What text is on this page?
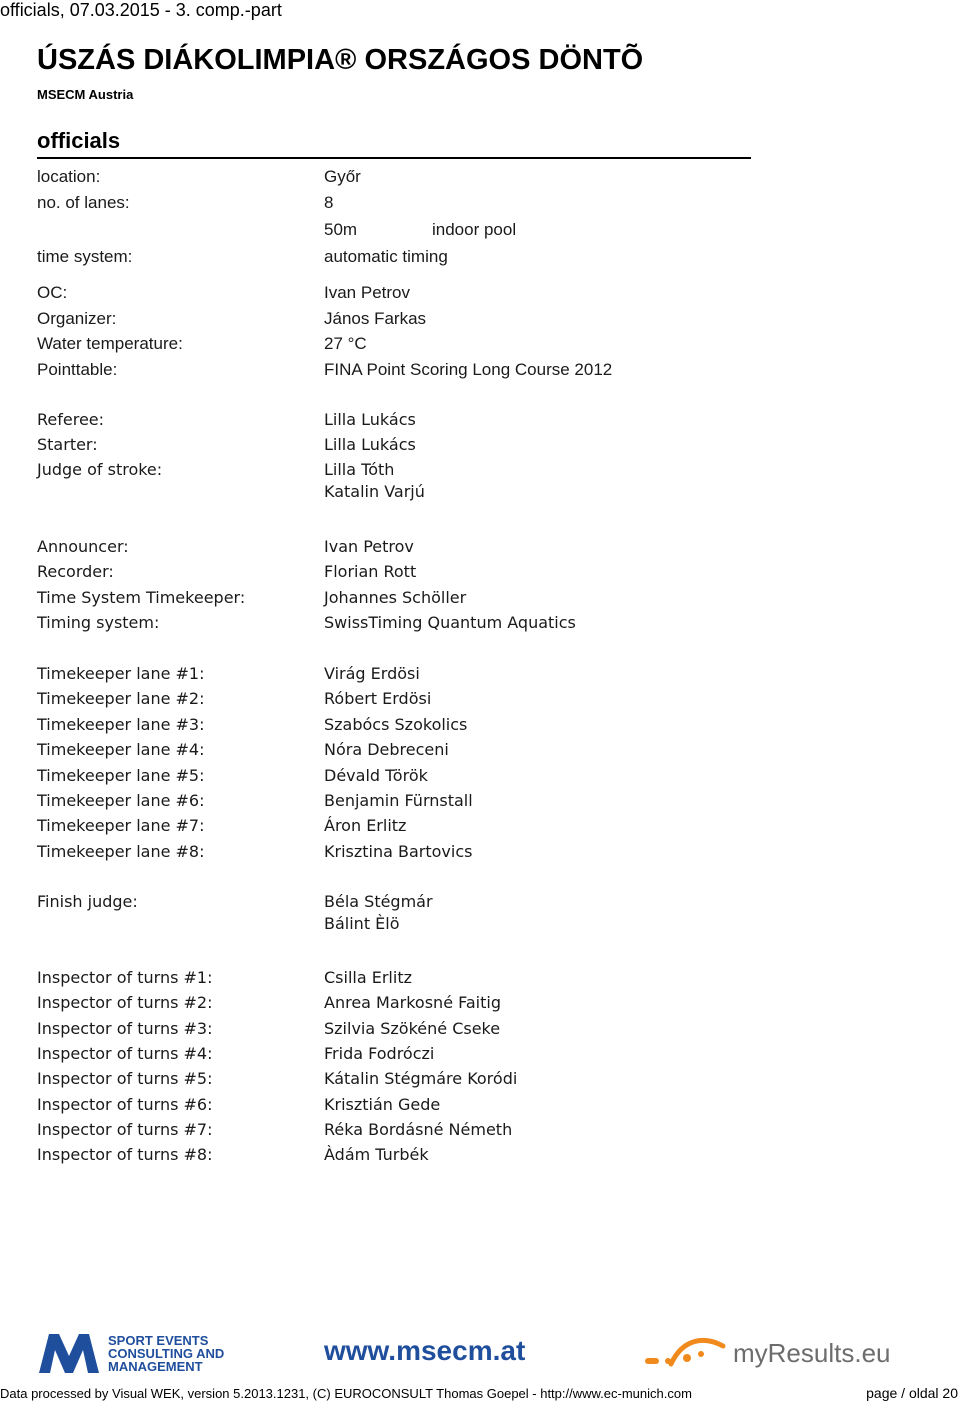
officials, 07.03.2015 - 3. comp.-part
ÚSZÁS DIÁKOLIMPIA® ORSZÁGOS DÖNTÕ
MSECM Austria
officials
location:	Győr
no. of lanes:	8
50m	indoor pool
time system:	automatic timing
OC:	Ivan Petrov
Organizer:	János Farkas
Water temperature:	27 °C
Pointtable:	FINA Point Scoring Long Course 2012
Referee:	Lilla Lukács
Starter:	Lilla Lukács
Judge of stroke:	Lilla Tóth
Katalin Varjú
Announcer:	Ivan Petrov
Recorder:	Florian Rott
Time System Timekeeper:	Johannes Schöller
Timing system:	SwissTiming Quantum Aquatics
Timekeeper lane #1:	Virág Erdösi
Timekeeper lane #2:	Róbert Erdösi
Timekeeper lane #3:	Szabócs Szokolics
Timekeeper lane #4:	Nóra Debreceni
Timekeeper lane #5:	Dévald Török
Timekeeper lane #6:	Benjamin Fürnstall
Timekeeper lane #7:	Áron Erlitz
Timekeeper lane #8:	Krisztina Bartovics
Finish judge:	Béla Stégmár
Bálint Èlö
Inspector of turns #1:	Csilla Erlitz
Inspector of turns #2:	Anrea Markosné Faitig
Inspector of turns #3:	Szilvia Szökéné Cseke
Inspector of turns #4:	Frida Fodróczi
Inspector of turns #5:	Kátalin Stégmáre Koródi
Inspector of turns #6:	Krisztián Gede
Inspector of turns #7:	Réka Bordásné Németh
Inspector of turns #8:	Àdám Turbék
SPORT EVENTS
CONSULTING AND
MANAGEMENT
www.msecm.at	myResults.eu
Data processed by Visual WEK, version 5.2013.1231, (C) EUROCONSULT Thomas Goepel - http://www.ec-munich.com	page / oldal 20
